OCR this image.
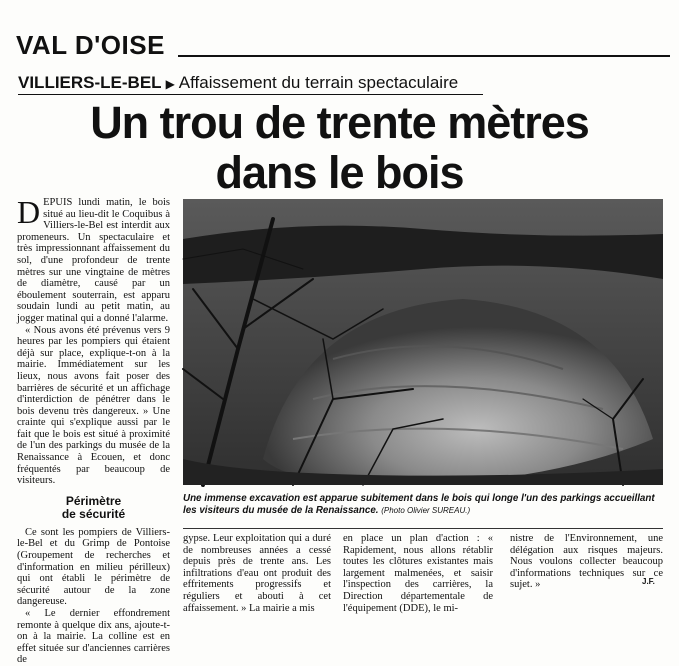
VAL D'OISE
VILLIERS-LE-BEL ▶ Affaissement du terrain spectaculaire
Un trou de trente mètres
dans le bois

DEPUIS lundi matin, le bois situé au lieu-dit le Coquibus à Villiers-le-Bel est interdit aux promeneurs. Un spectaculaire et très impressionnant affaissement du sol, d'une profondeur de trente mètres sur une vingtaine de mètres de diamètre, causé par un éboulement souterrain, est apparu soudain lundi au petit matin, au jogger matinal qui a donné l'alarme.

« Nous avons été prévenus vers 9 heures par les pompiers qui étaient déjà sur place, explique-t-on à la mairie. Immédiatement sur les lieux, nous avons fait poser des barrières de sécurité et un affichage d'interdiction de pénétrer dans le bois devenu très dangereux. » Une crainte qui s'explique aussi par le fait que le bois est situé à proximité de l'un des parkings du musée de la Renaissance à Ecouen, et donc fréquentés par beaucoup de visiteurs.

Périmètre
de sécurité

Ce sont les pompiers de Villiers-le-Bel et du Grimp de Pontoise (Groupement de recherches et d'information en milieu périlleux) qui ont établi le périmètre de sécurité autour de la zone dangereuse.

« Le dernier effondrement remonte à quelque dix ans, ajoute-t-on à la mairie. La colline est en effet située sur d'anciennes carrières de

Une immense excavation est apparue subitement dans le bois qui longe l'un des parkings accueillant les visiteurs du musée de la Renaissance. (Photo Olivier SUREAU.)

gypse. Leur exploitation qui a duré de nombreuses années a cessé depuis près de trente ans. Les infiltrations d'eau ont produit des effritements progressifs et réguliers et abouti à cet affaissement. » La mairie a mis

en place un plan d'action : « Rapidement, nous allons rétablir toutes les clôtures existantes mais largement malmenées, et saisir l'inspection des carrières, la Direction départementale de l'équipement (DDE), le mi-

nistre de l'Environnement, une délégation aux risques majeurs. Nous voulons collecter beaucoup d'informations techniques sur ce sujet. »	J.F.
